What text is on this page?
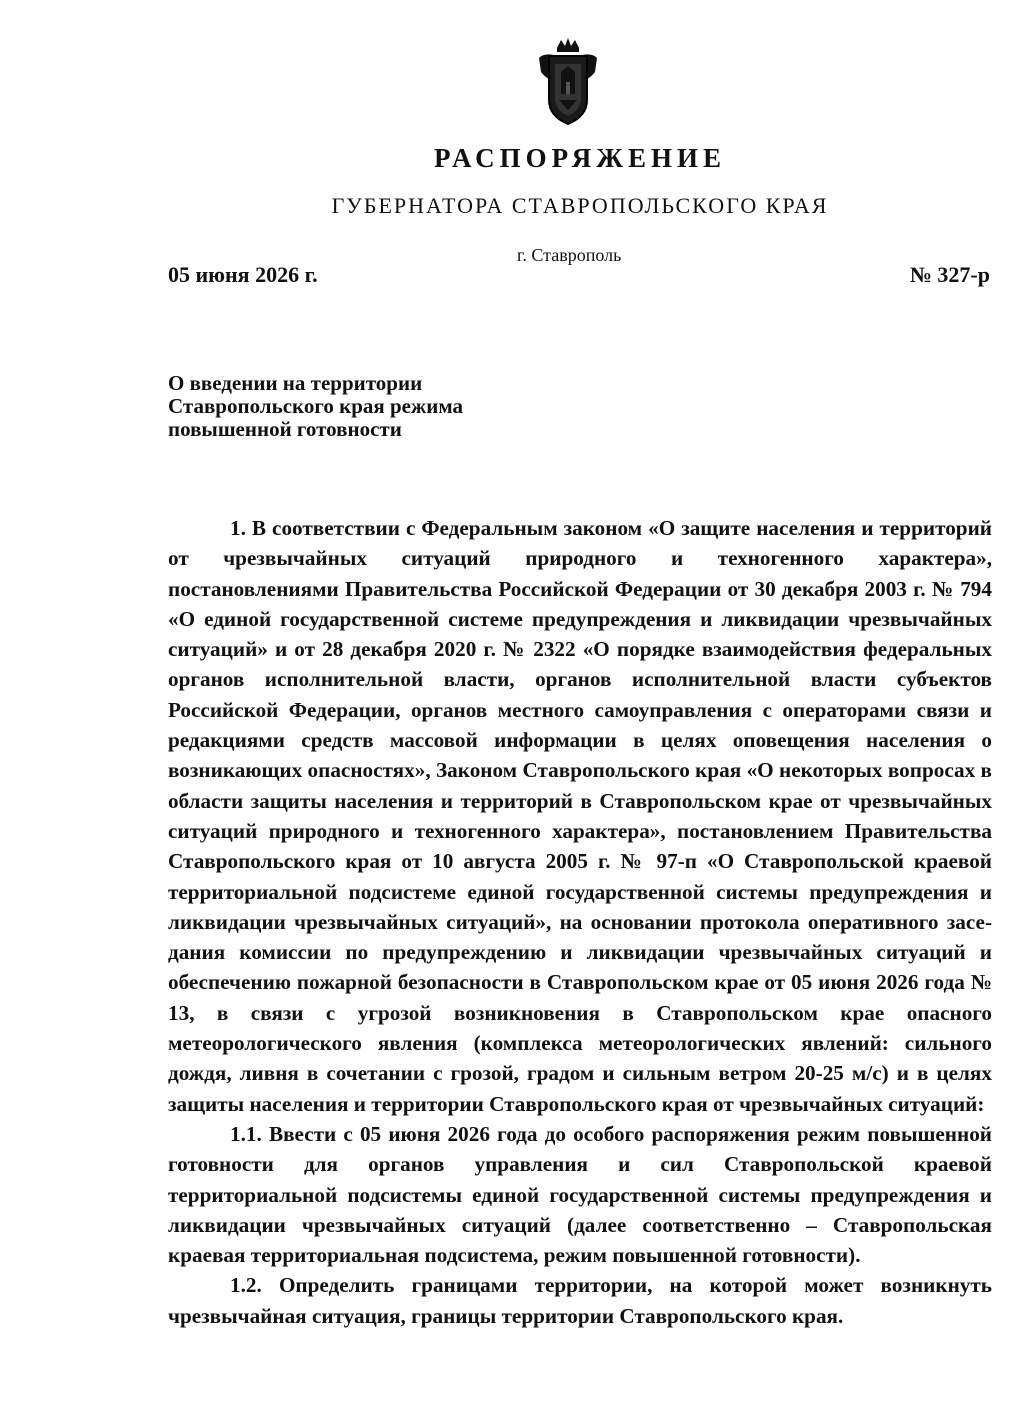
РАСПОРЯЖЕНИЕ
ГУБЕРНАТОРА СТАВРОПОЛЬСКОГО КРАЯ
г. Ставрополь
05 июня 2026 г.	№ 327-р
О введении на территории
Ставропольского края режима
повышенной готовности

1. В соответствии с Федеральным законом «О защите населения и территорий от чрезвычайных ситуаций природного и техногенного характера», постановлениями Правительства Российской Федерации от 30 декабря 2003 г. № 794 «О единой государственной системе предупреждения и ликвидации чрезвычайных ситуаций» и от 28 декабря 2020 г. № 2322 «О порядке взаимодействия федеральных органов исполнительной власти, органов исполнительной власти субъектов Российской Федерации, органов местного самоуправления с операторами связи и редакциями средств массовой информации в целях оповещения населения о возникающих опасностях», Законом Ставропольского края «О некоторых вопросах в области защиты населения и территорий в Ставропольском крае от чрезвычайных ситуаций природного и техногенного характера», постановлением Правительства Ставропольского края от 10 августа 2005 г. № 97-п «О Ставропольской краевой территориальной подсистеме единой государственной системы предупреждения и ликвидации чрезвычайных ситуаций», на основании протокола оперативного заседания комиссии по предупреждению и ликвидации чрезвычайных ситуаций и обеспечению пожарной безопасности в Ставропольском крае от 05 июня 2026 года № 13, в связи с угрозой возникновения в Ставропольском крае опасного метеорологического явления (комплекса метеорологических явлений: сильного дождя, ливня в сочетании с грозой, градом и сильным ветром 20-25 м/с) и в целях защиты населения и территории Ставропольского края от чрезвычайных ситуаций:

1.1. Ввести с 05 июня 2026 года до особого распоряжения режим повышенной готовности для органов управления и сил Ставропольской краевой территориальной подсистемы единой государственной системы предупреждения и ликвидации чрезвычайных ситуаций (далее соответственно – Ставропольская краевая территориальная подсистема, режим повышенной готовности).

1.2. Определить границами территории, на которой может возникнуть чрезвычайная ситуация, границы территории Ставропольского края.
